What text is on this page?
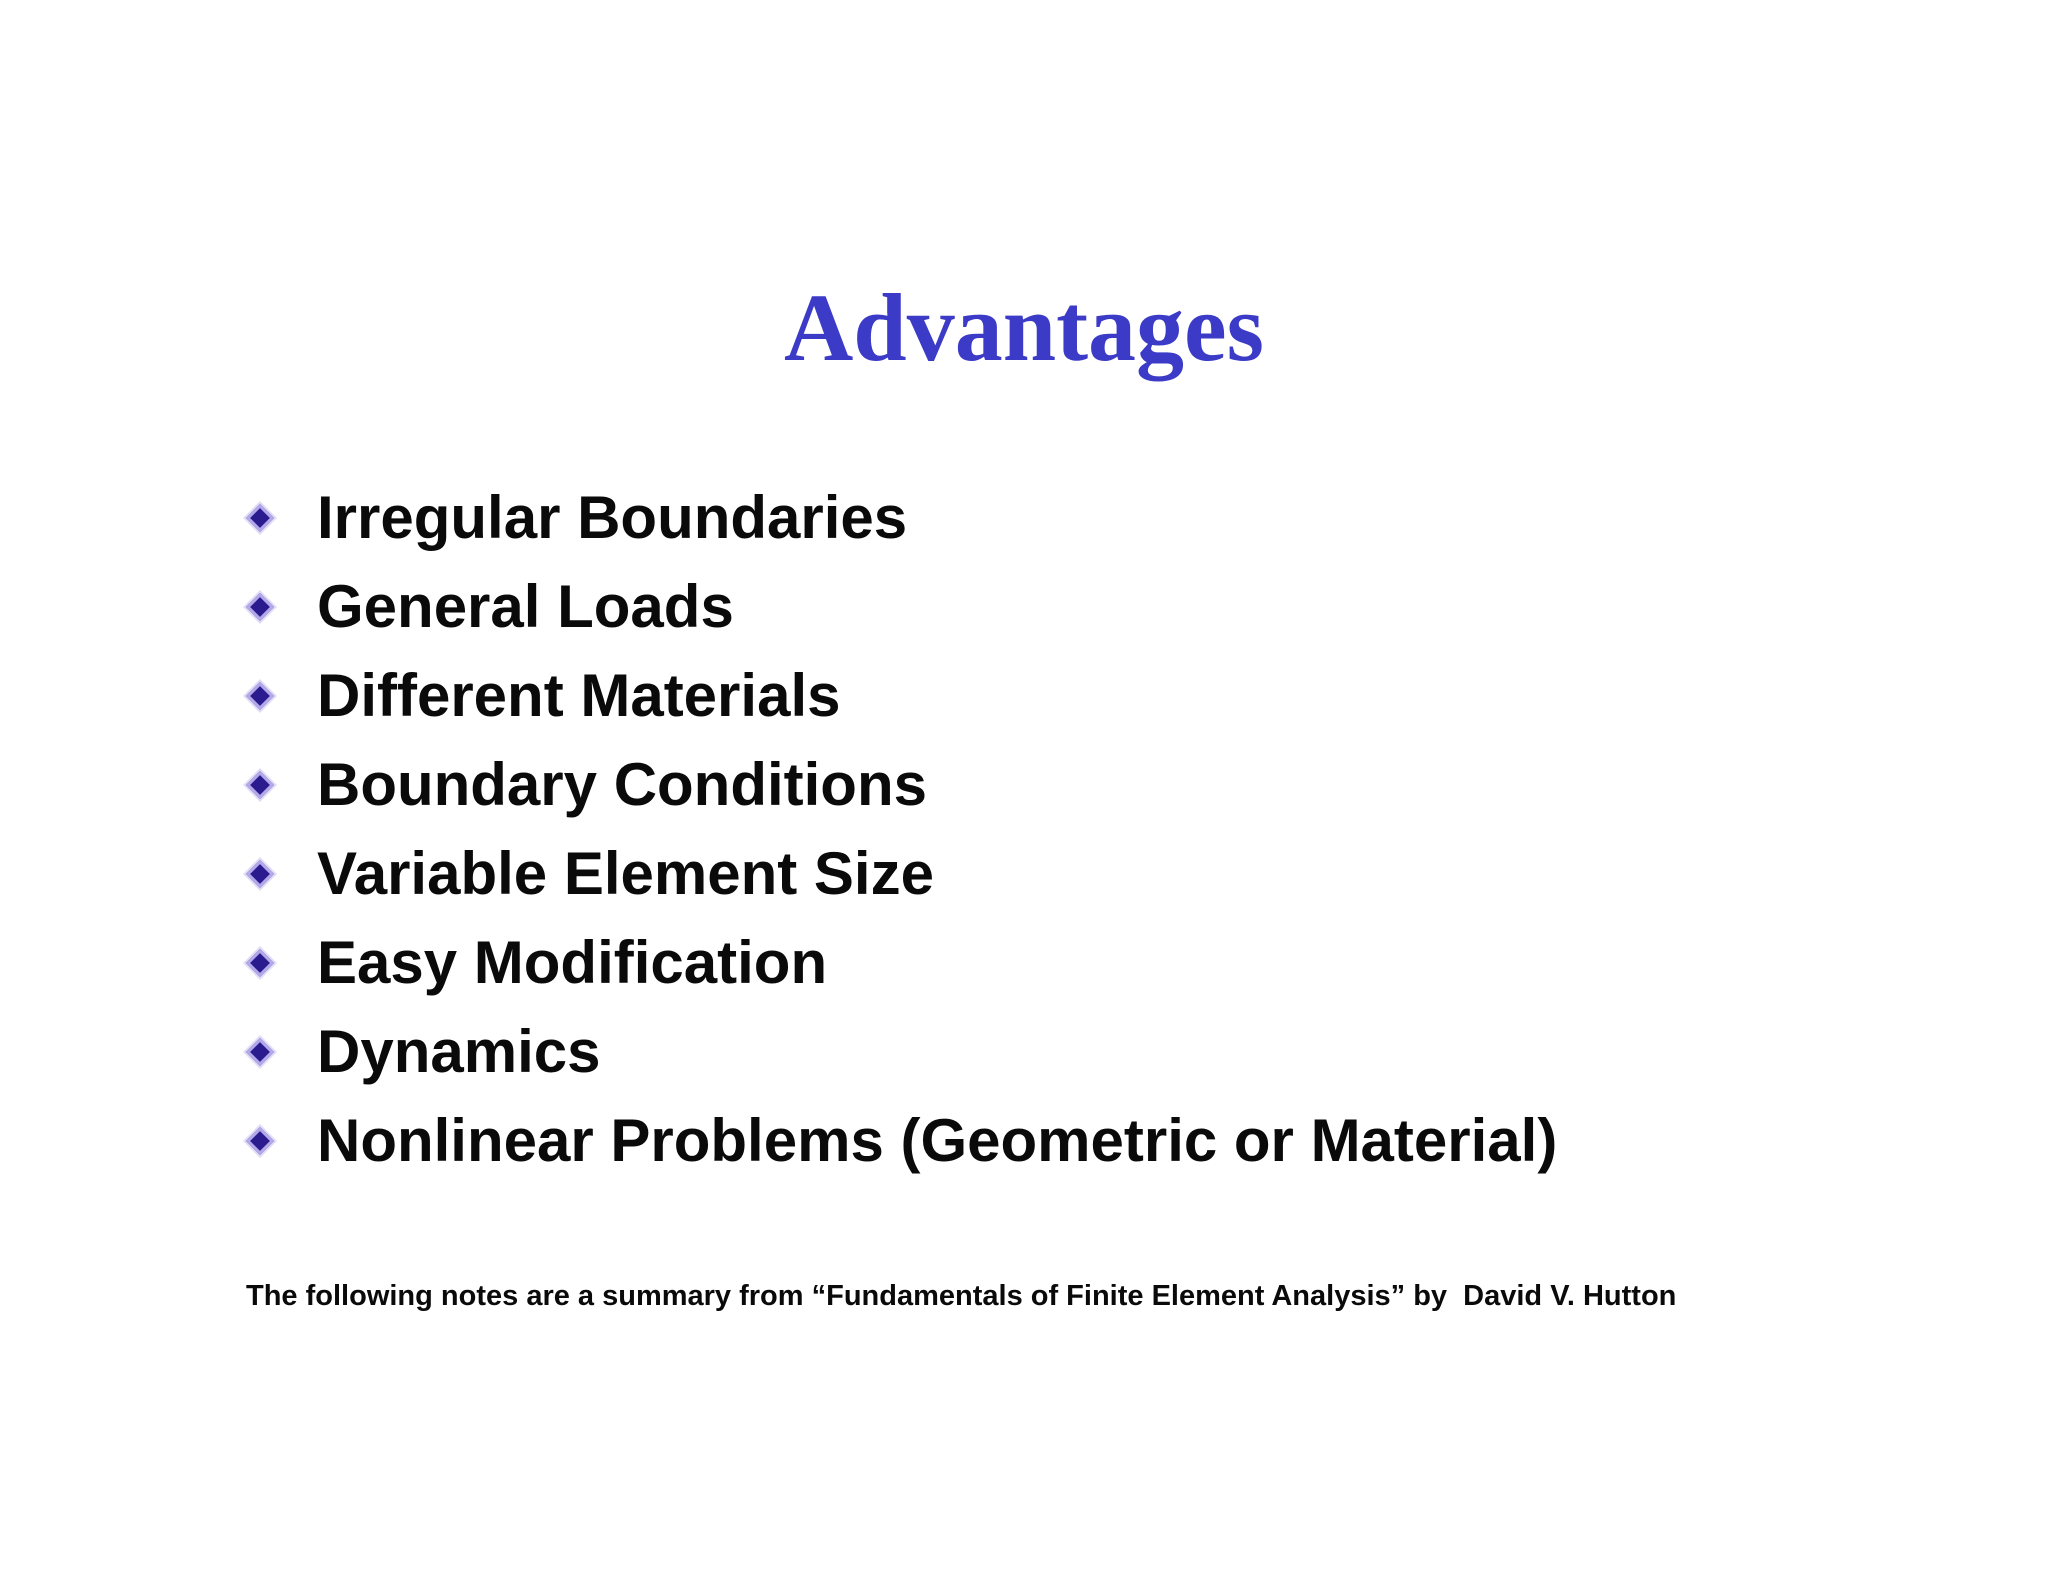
Advantages
Irregular Boundaries
General Loads
Different Materials
Boundary Conditions
Variable Element Size
Easy Modification
Dynamics
Nonlinear Problems (Geometric or Material)
The following notes are a summary from “Fundamentals of Finite Element Analysis” by  David V. Hutton
